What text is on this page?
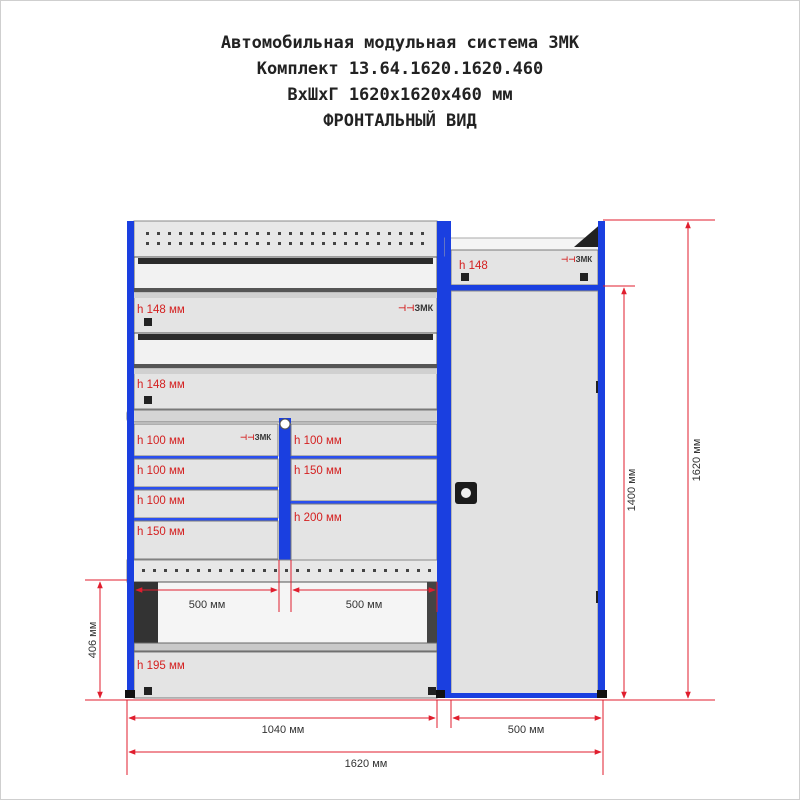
Автомобильная модульная система ЗМК
Комплект 13.64.1620.1620.460
ВхШхГ 1620х1620х460 мм
ФРОНТАЛЬНЫЙ ВИД
h 148 мм	⊣⊣ЗМК
h 148 мм
h 100 мм	⊣⊣ЗМК
h 100 мм
h 100 мм
h 150 мм
h 100 мм
h 150 мм
h 200 мм
h 195 мм
h 148
⊣⊣ЗМК
500 мм	500 мм
406 мм
1040 мм	500 мм
1620 мм
1400 мм
1620 мм
